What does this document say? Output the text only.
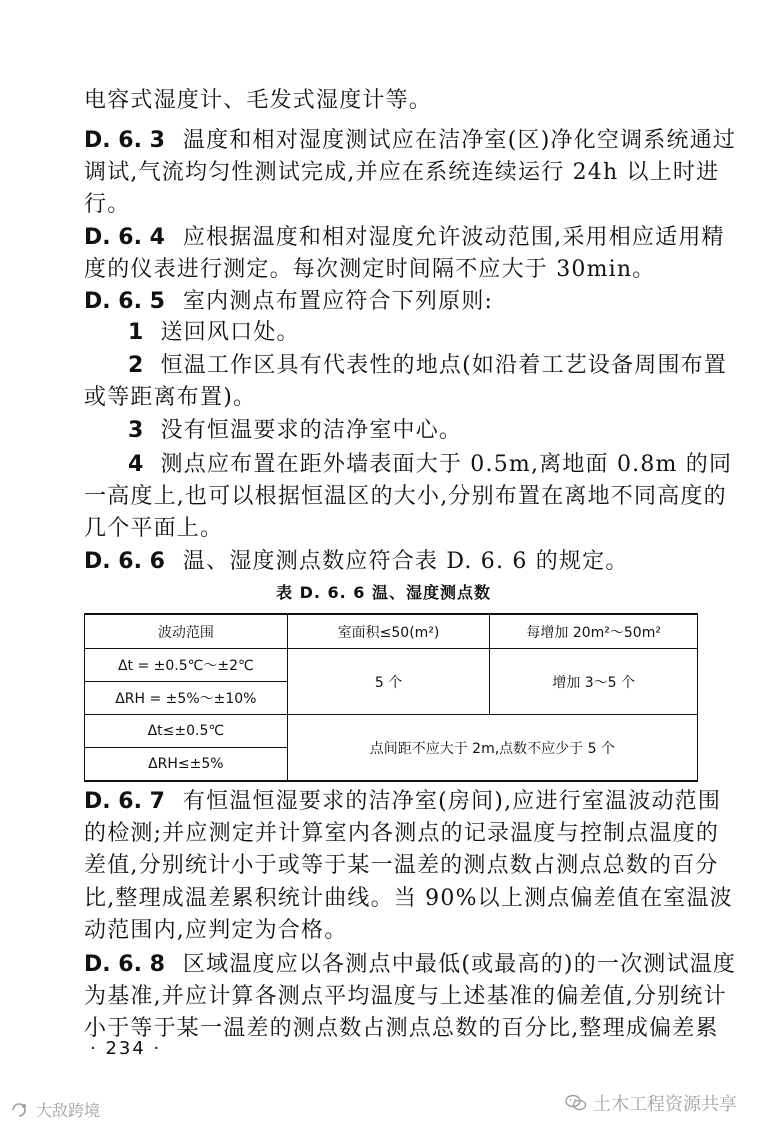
电容式湿度计、毛发式湿度计等。
D. 6. 3 温度和相对湿度测试应在洁净室(区)净化空调系统通过
调试,气流均匀性测试完成,并应在系统连续运行 24h 以上时进
行。
D. 6. 4 应根据温度和相对湿度允许波动范围,采用相应适用精
度的仪表进行测定。每次测定时间隔不应大于 30min。
D. 6. 5 室内测点布置应符合下列原则:
1 送回风口处。
2 恒温工作区具有代表性的地点(如沿着工艺设备周围布置
或等距离布置)。
3 没有恒温要求的洁净室中心。
4 测点应布置在距外墙表面大于 0.5m,离地面 0.8m 的同
一高度上,也可以根据恒温区的大小,分别布置在离地不同高度的
几个平面上。
D. 6. 6 温、湿度测点数应符合表 D. 6. 6 的规定。
表 D. 6. 6 温、湿度测点数
波动范围	室面积≤50(m²)	每增加 20m²～50m²
Δt = ±0.5℃～±2℃	5 个	增加 3～5 个
ΔRH = ±5%～±10%		
Δt≤±0.5℃	点间距不应大于 2m,点数不应少于 5 个	
ΔRH≤±5%		
D. 6. 7 有恒温恒湿要求的洁净室(房间),应进行室温波动范围
的检测;并应测定并计算室内各测点的记录温度与控制点温度的
差值,分别统计小于或等于某一温差的测点数占测点总数的百分
比,整理成温差累积统计曲线。当 90%以上测点偏差值在室温波
动范围内,应判定为合格。
D. 6. 8 区域温度应以各测点中最低(或最高的)的一次测试温度
为基准,并应计算各测点平均温度与上述基准的偏差值,分别统计
小于等于某一温差的测点数占测点总数的百分比,整理成偏差累
· 234 ·
土木工程资源共享
大敌跨境
